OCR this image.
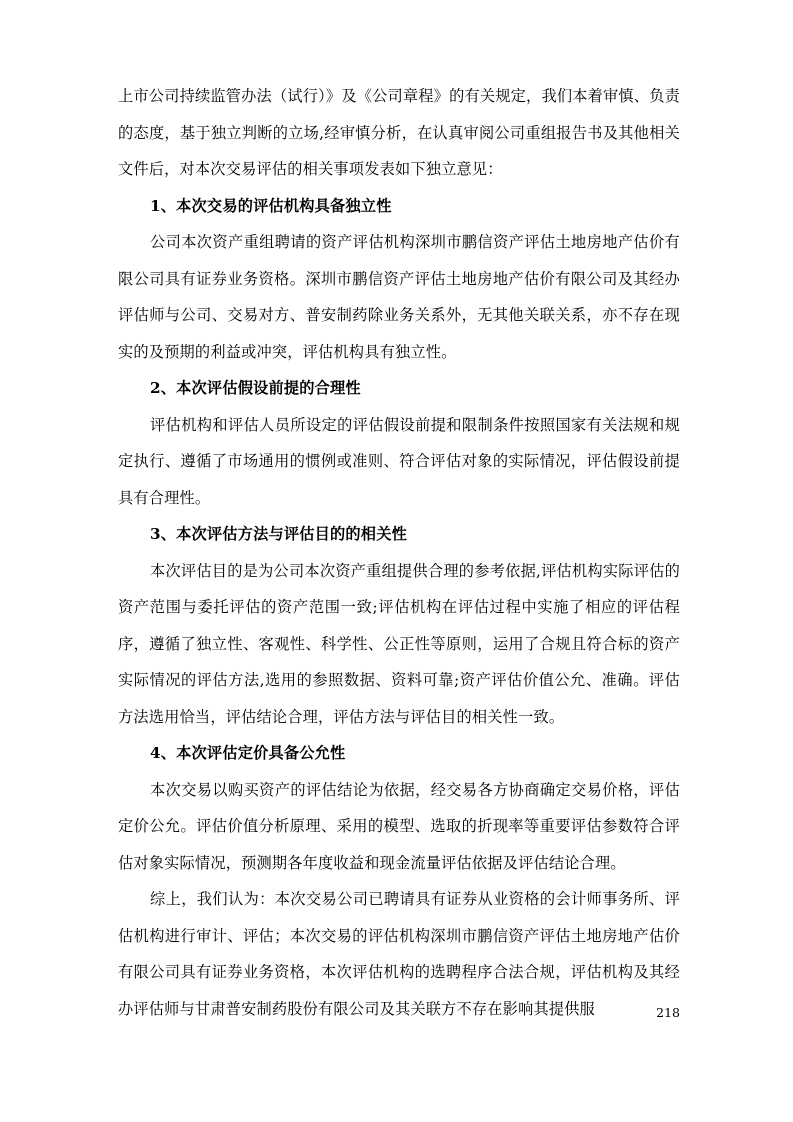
上市公司持续监管办法（试行）》及《公司章程》的有关规定，我们本着审慎、负责的态度，基于独立判断的立场,经审慎分析，在认真审阅公司重组报告书及其他相关文件后，对本次交易评估的相关事项发表如下独立意见：

1、本次交易的评估机构具备独立性

公司本次资产重组聘请的资产评估机构深圳市鹏信资产评估土地房地产估价有限公司具有证券业务资格。深圳市鹏信资产评估土地房地产估价有限公司及其经办评估师与公司、交易对方、普安制药除业务关系外，无其他关联关系，亦不存在现实的及预期的利益或冲突，评估机构具有独立性。

2、本次评估假设前提的合理性

评估机构和评估人员所设定的评估假设前提和限制条件按照国家有关法规和规定执行、遵循了市场通用的惯例或准则、符合评估对象的实际情况，评估假设前提具有合理性。

3、本次评估方法与评估目的的相关性

本次评估目的是为公司本次资产重组提供合理的参考依据,评估机构实际评估的资产范围与委托评估的资产范围一致;评估机构在评估过程中实施了相应的评估程序，遵循了独立性、客观性、科学性、公正性等原则，运用了合规且符合标的资产实际情况的评估方法,选用的参照数据、资料可靠;资产评估价值公允、准确。评估方法选用恰当，评估结论合理，评估方法与评估目的相关性一致。

4、本次评估定价具备公允性

本次交易以购买资产的评估结论为依据，经交易各方协商确定交易价格，评估定价公允。评估价值分析原理、采用的模型、选取的折现率等重要评估参数符合评估对象实际情况，预测期各年度收益和现金流量评估依据及评估结论合理。

综上，我们认为：本次交易公司已聘请具有证券从业资格的会计师事务所、评估机构进行审计、评估；本次交易的评估机构深圳市鹏信资产评估土地房地产估价有限公司具有证券业务资格，本次评估机构的选聘程序合法合规，评估机构及其经办评估师与甘肃普安制药股份有限公司及其关联方不存在影响其提供服	218
